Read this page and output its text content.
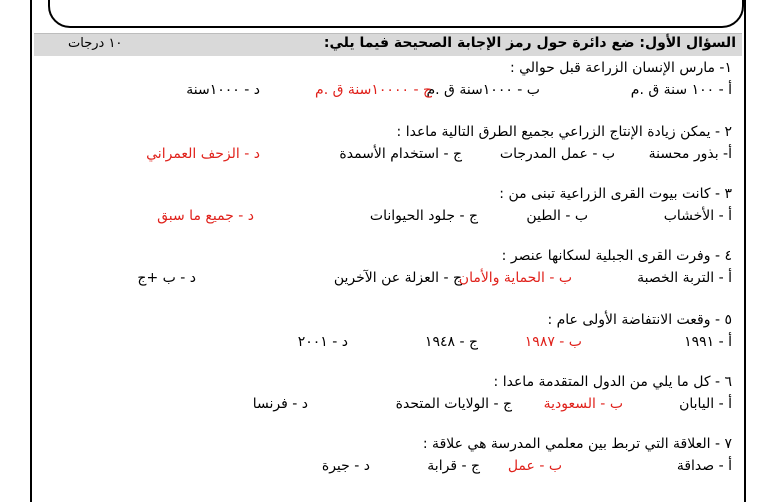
السؤال الأول: ضع دائرة حول رمز الإجابة الصحيحة فيما يلي:
١٠ درجات
١- مارس الإنسان الزراعة قبل حوالي :
أ - ١٠٠ سنة ق .م
ب - ١٠٠٠سنة ق .م
ج - ١٠٠٠٠سنة ق .م
د - ١٠٠٠سنة
٢ - يمكن زيادة الإنتاج الزراعي بجميع الطرق التالية ماعدا :
أ- بذور محسنة
ب - عمل المدرجات
ج - استخدام الأسمدة
د - الزحف العمراني
٣ - كانت بيوت القرى الزراعية تبنى من :
أ - الأخشاب
ب - الطين
ج - جلود الحيوانات
د - جميع ما سبق
٤ - وفرت القرى الجبلية لسكانها عنصر :
أ - التربة الخصبة
ب - الحماية والأمان
ج - العزلة عن الآخرين
د - ب +ج
٥ - وقعت الانتفاضة الأولى عام :
أ - ١٩٩١
ب - ١٩٨٧
ج - ١٩٤٨
د - ٢٠٠١
٦ - كل ما يلي من الدول المتقدمة ماعدا :
أ - اليابان
ب - السعودية
ج - الولايات المتحدة
د - فرنسا
٧ - العلاقة التي تربط بين معلمي المدرسة هي علاقة :
أ - صداقة
ب - عمل
ج - قرابة
د - جيرة
